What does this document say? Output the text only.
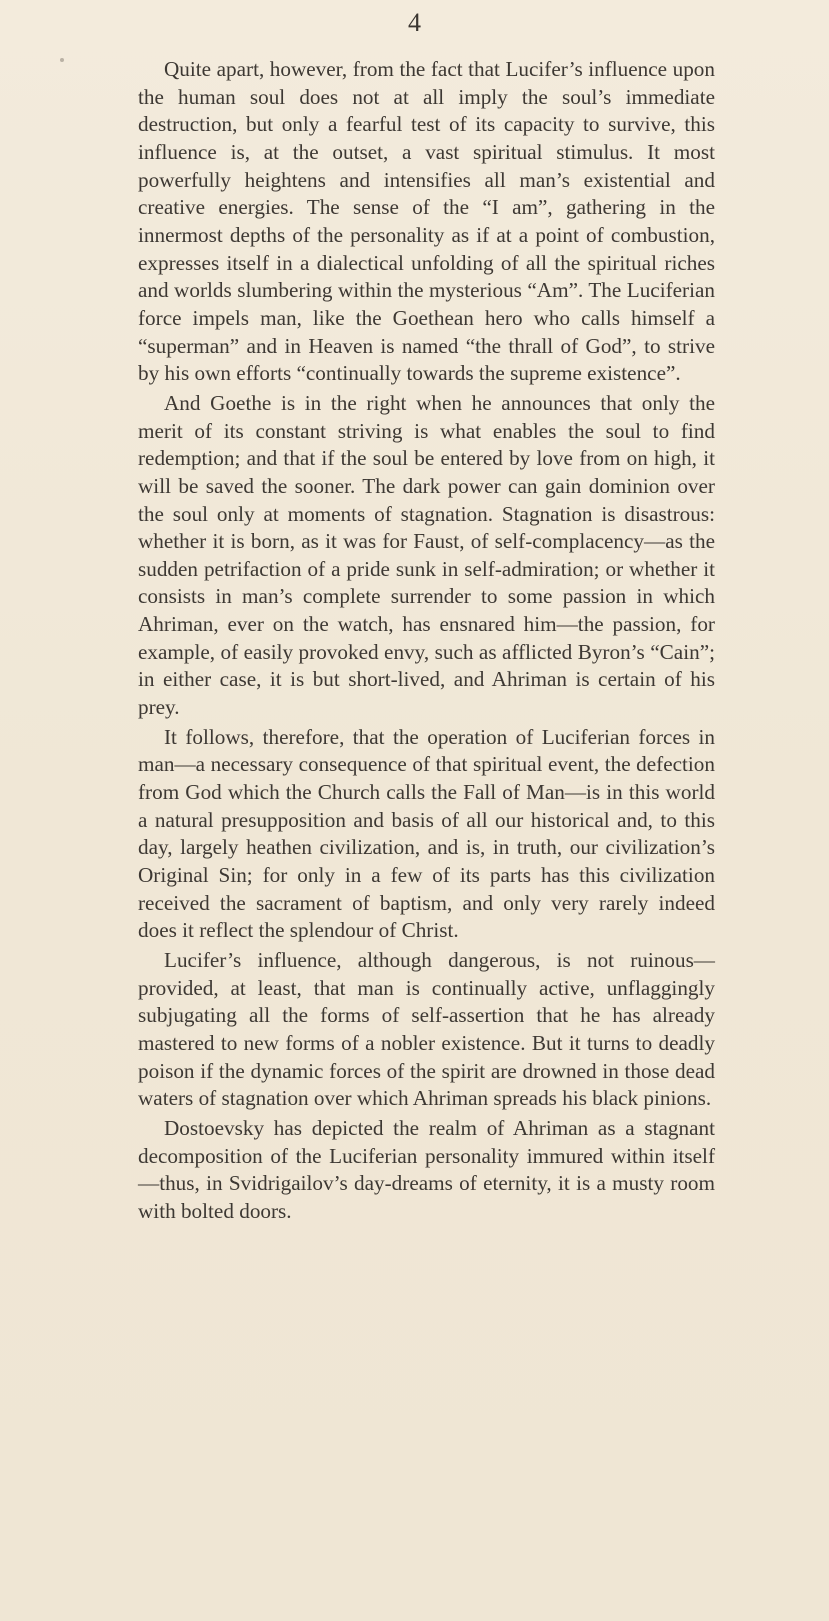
4

Quite apart, however, from the fact that Lucifer’s influence upon the human soul does not at all imply the soul’s immediate destruction, but only a fearful test of its capacity to survive, this influence is, at the outset, a vast spiritual stimulus. It most powerfully heightens and intensifies all man’s existential and creative energies. The sense of the “I am”, gathering in the innermost depths of the personality as if at a point of combustion, expresses itself in a dialectical unfolding of all the spiritual riches and worlds slumbering within the mysterious “Am”. The Luciferian force impels man, like the Goethean hero who calls himself a “superman” and in Heaven is named “the thrall of God”, to strive by his own efforts “continually towards the supreme existence”.

And Goethe is in the right when he announces that only the merit of its constant striving is what enables the soul to find redemption; and that if the soul be entered by love from on high, it will be saved the sooner. The dark power can gain dominion over the soul only at moments of stagnation. Stagnation is disastrous: whether it is born, as it was for Faust, of self-complacency—as the sudden petrifaction of a pride sunk in self-admiration; or whether it consists in man’s complete surrender to some passion in which Ahriman, ever on the watch, has ensnared him—the passion, for example, of easily provoked envy, such as afflicted Byron’s “Cain”; in either case, it is but short-lived, and Ahriman is certain of his prey.

It follows, therefore, that the operation of Luciferian forces in man—a necessary consequence of that spiritual event, the defection from God which the Church calls the Fall of Man—is in this world a natural presupposition and basis of all our historical and, to this day, largely heathen civilization, and is, in truth, our civilization’s Original Sin; for only in a few of its parts has this civilization received the sacrament of baptism, and only very rarely indeed does it reflect the splendour of Christ.

Lucifer’s influence, although dangerous, is not ruinous—provided, at least, that man is continually active, unflaggingly subjugating all the forms of self-assertion that he has already mastered to new forms of a nobler existence. But it turns to deadly poison if the dynamic forces of the spirit are drowned in those dead waters of stagnation over which Ahriman spreads his black pinions.

Dostoevsky has depicted the realm of Ahriman as a stagnant decomposition of the Luciferian personality immured within itself—thus, in Svidrigailov’s day-dreams of eternity, it is a musty room with bolted doors.
